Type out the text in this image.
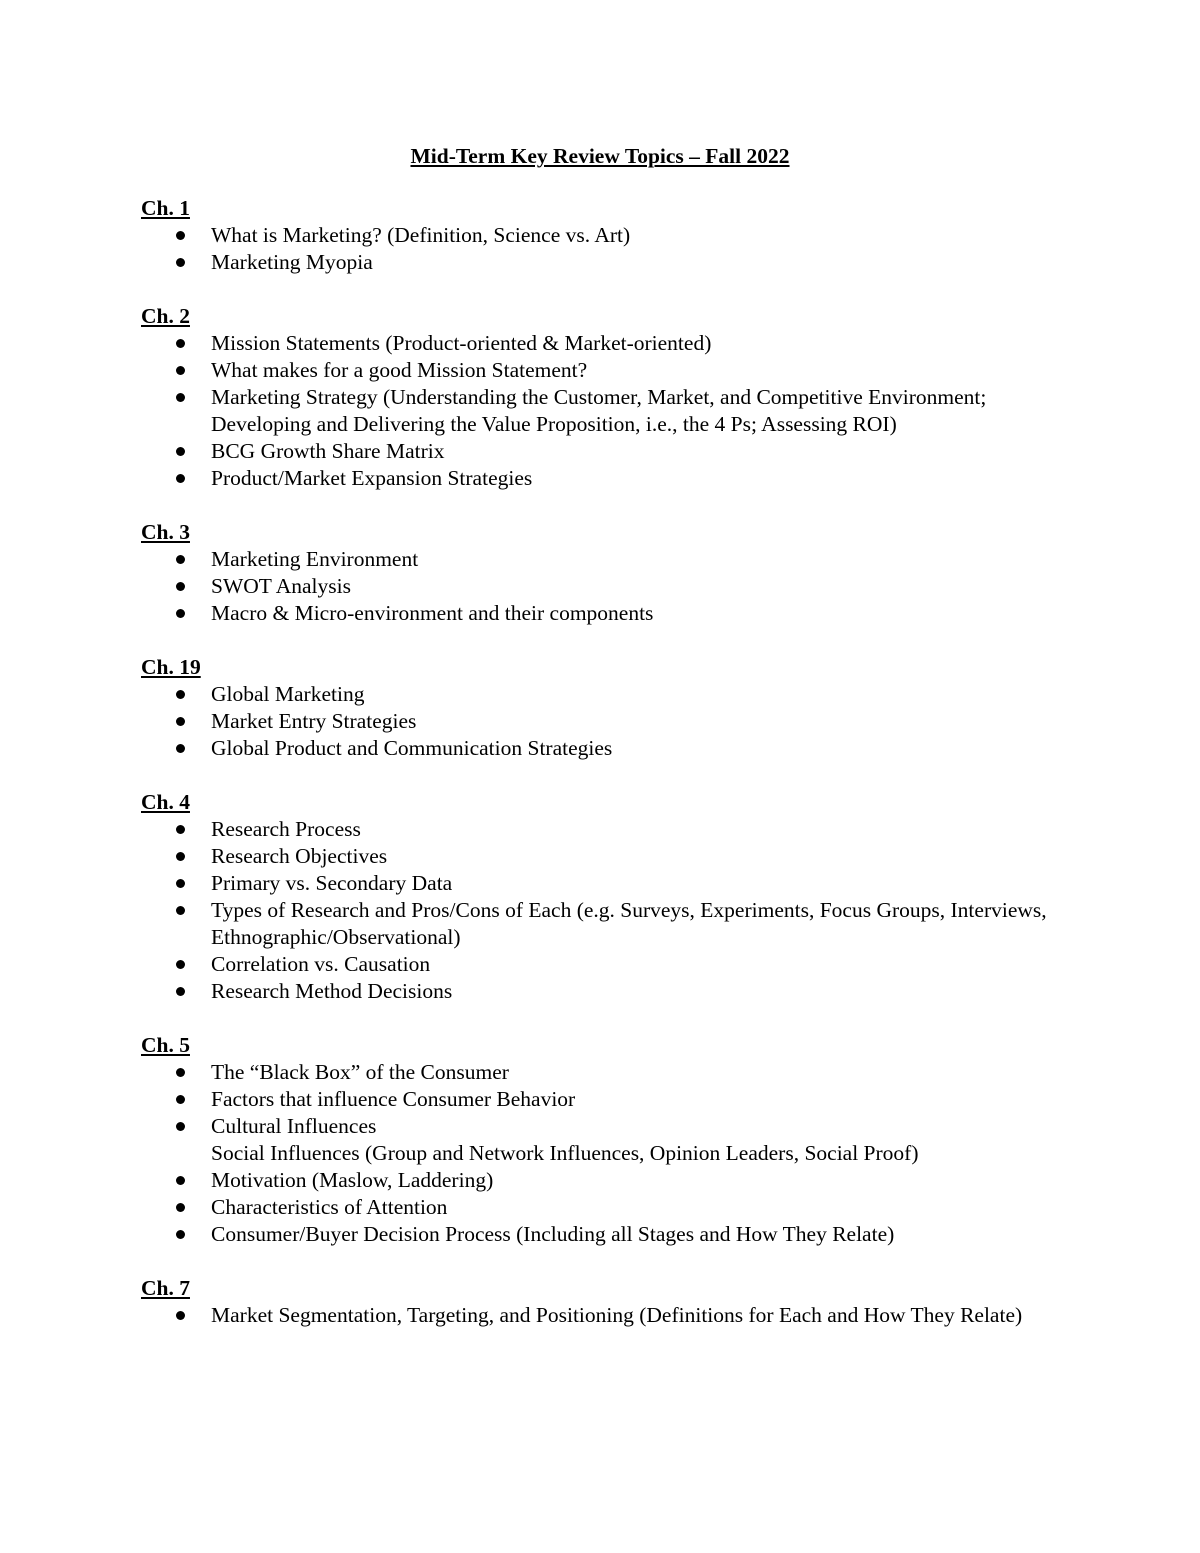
Mid-Term Key Review Topics – Fall 2022
Ch. 1
What is Marketing? (Definition, Science vs. Art)
Marketing Myopia
Ch. 2
Mission Statements (Product-oriented & Market-oriented)
What makes for a good Mission Statement?
Marketing Strategy (Understanding the Customer, Market, and Competitive Environment; Developing and Delivering the Value Proposition, i.e., the 4 Ps; Assessing ROI)
BCG Growth Share Matrix
Product/Market Expansion Strategies
Ch. 3
Marketing Environment
SWOT Analysis
Macro & Micro-environment and their components
Ch. 19
Global Marketing
Market Entry Strategies
Global Product and Communication Strategies
Ch. 4
Research Process
Research Objectives
Primary vs. Secondary Data
Types of Research and Pros/Cons of Each (e.g. Surveys, Experiments, Focus Groups, Interviews, Ethnographic/Observational)
Correlation vs. Causation
Research Method Decisions
Ch. 5
The “Black Box” of the Consumer
Factors that influence Consumer Behavior
Cultural Influences
Social Influences (Group and Network Influences, Opinion Leaders, Social Proof)
Motivation (Maslow, Laddering)
Characteristics of Attention
Consumer/Buyer Decision Process (Including all Stages and How They Relate)
Ch. 7
Market Segmentation, Targeting, and Positioning (Definitions for Each and How They Relate)
